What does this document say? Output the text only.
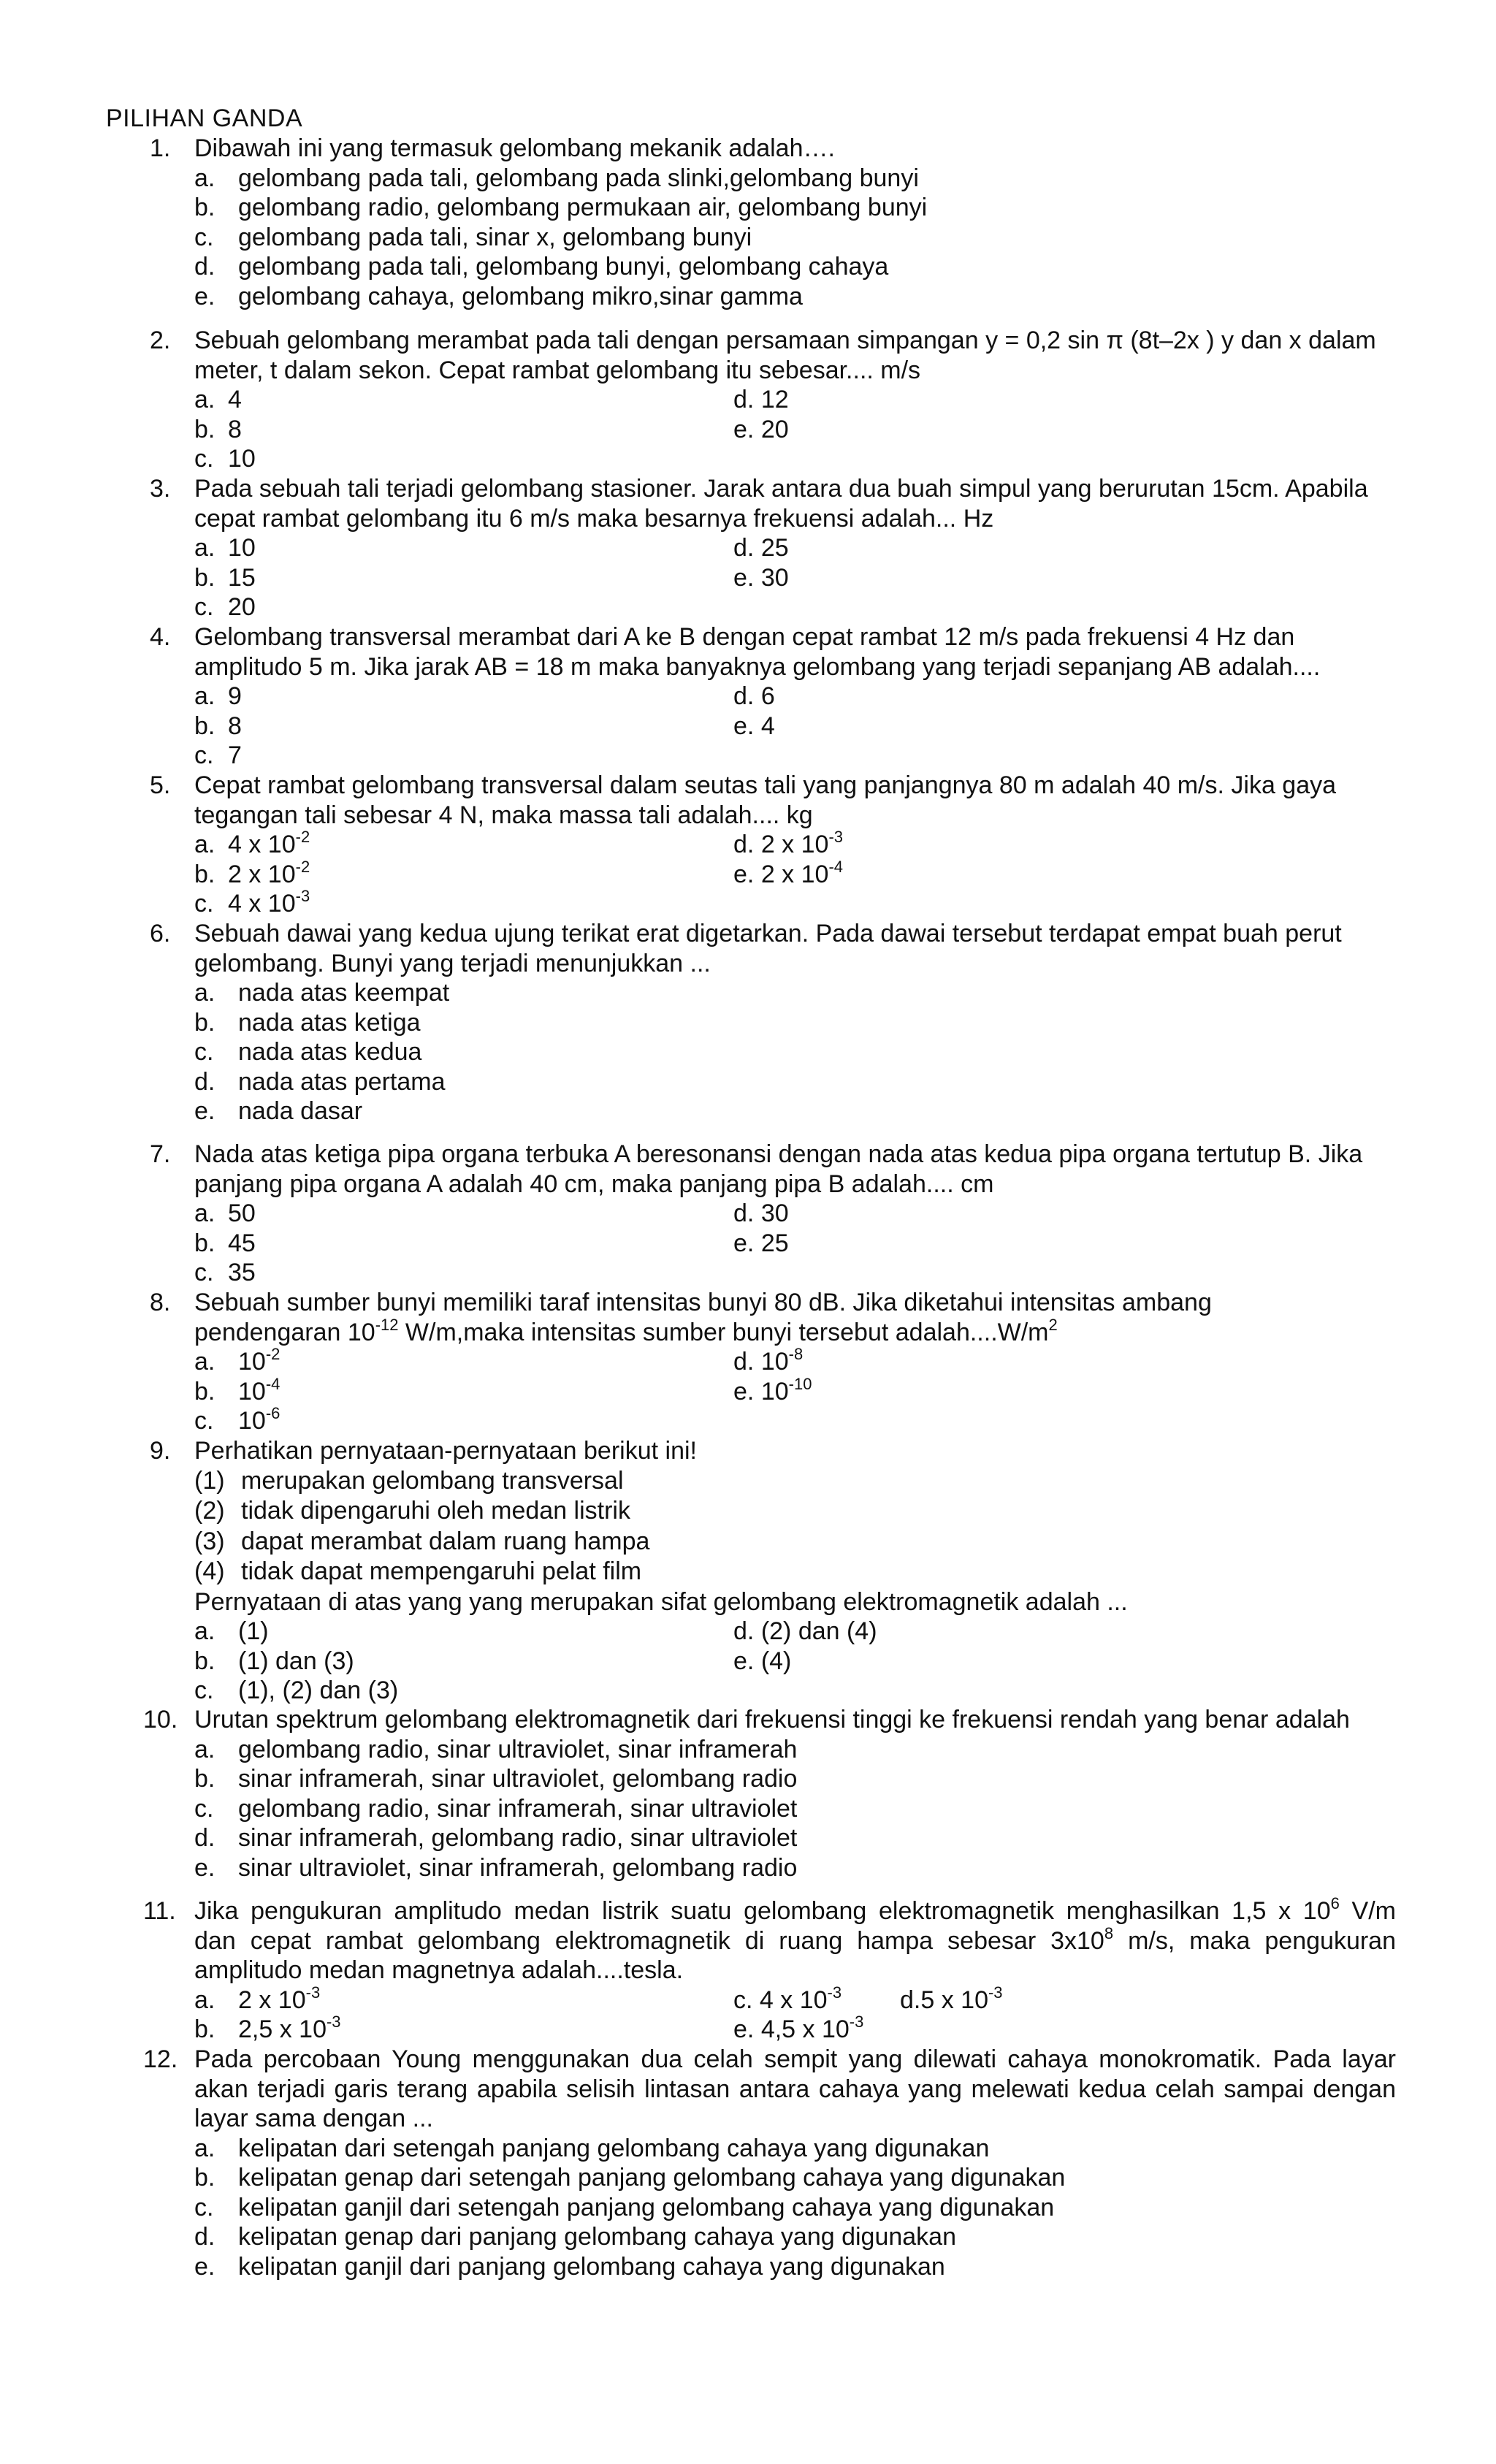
PILIHAN GANDA
1. Dibawah ini yang termasuk gelombang mekanik adalah….
a. gelombang pada tali, gelombang pada slinki,gelombang bunyi
b. gelombang radio, gelombang permukaan air, gelombang bunyi
c. gelombang pada tali, sinar x, gelombang bunyi
d. gelombang pada tali, gelombang bunyi, gelombang cahaya
e. gelombang cahaya, gelombang mikro,sinar gamma
2. Sebuah gelombang merambat pada tali dengan persamaan simpangan y = 0,2 sin π (8t–2x ) y dan x dalam meter, t dalam sekon. Cepat rambat gelombang itu sebesar.... m/s
a. 4	d. 12
b. 8	e. 20
c. 10
3. Pada sebuah tali terjadi gelombang stasioner. Jarak antara dua buah simpul yang berurutan 15cm. Apabila cepat rambat gelombang itu 6 m/s maka besarnya frekuensi adalah... Hz
a. 10	d. 25
b. 15	e. 30
c. 20
4. Gelombang transversal merambat dari A ke B dengan cepat rambat 12 m/s pada frekuensi 4 Hz dan amplitudo 5 m. Jika jarak AB = 18 m maka banyaknya gelombang yang terjadi sepanjang AB adalah....
a. 9	d. 6
b. 8	e. 4
c. 7
5. Cepat rambat gelombang transversal dalam seutas tali yang panjangnya 80 m adalah 40 m/s. Jika gaya tegangan tali sebesar 4 N, maka massa tali adalah.... kg
a. 4 x $10^{-2}$	d. 2 x $10^{-3}$
b. 2 x $10^{-2}$	e. 2 x $10^{-4}$
c. 4 x $10^{-3}$
6. Sebuah dawai yang kedua ujung terikat erat digetarkan. Pada dawai tersebut terdapat empat buah perut gelombang. Bunyi yang terjadi menunjukkan ...
a. nada atas keempat
b. nada atas ketiga
c. nada atas kedua
d. nada atas pertama
e. nada dasar
7. Nada atas ketiga pipa organa terbuka A beresonansi dengan nada atas kedua pipa organa tertutup B. Jika panjang pipa organa A adalah 40 cm, maka panjang pipa B adalah.... cm
a. 50	d. 30
b. 45	e. 25
c. 35
8. Sebuah sumber bunyi memiliki taraf intensitas bunyi 80 dB. Jika diketahui intensitas ambang
pendengaran $10^{-12}$ W/m,maka intensitas sumber bunyi tersebut $adalah....W/m^2$
a. $10^{-2}$	d. $10^{-8}$
b. $10^{-4}$	e. $10^{-10}$
c. $10^{-6}$
9. Perhatikan pernyataan-pernyataan berikut ini!
(1) merupakan gelombang transversal
(2) tidak dipengaruhi oleh medan listrik
(3) dapat merambat dalam ruang hampa
(4) tidak dapat mempengaruhi pelat film
Pernyataan di atas yang yang merupakan sifat gelombang elektromagnetik adalah ...
a. (1)	d. (2) dan (4)
b. (1) dan (3)	e. (4)
c. (1), (2) dan (3)
10. Urutan spektrum gelombang elektromagnetik dari frekuensi tinggi ke frekuensi rendah yang benar adalah
a. gelombang radio, sinar ultraviolet, sinar inframerah
b. sinar inframerah, sinar ultraviolet, gelombang radio
c. gelombang radio, sinar inframerah, sinar ultraviolet
d. sinar inframerah, gelombang radio, sinar ultraviolet
e. sinar ultraviolet, sinar inframerah, gelombang radio
11. Jika pengukuran amplitudo medan listrik suatu gelombang elektromagnetik menghasilkan 1,5 x $10^6$ V/m
dan cepat rambat gelombang elektromagnetik di ruang hampa sebesar $3x10^8$ m/s, maka pengukuran
amplitudo medan magnetnya adalah....tesla.
a. 2 x $10^{-3}$	c. 4 x $10^{-3}$ d.5 x $10^{-3}$
b. 2,5 x $10^{-3}$	e. 4,5 x $10^{-3}$
12. Pada percobaan Young menggunakan dua celah sempit yang dilewati cahaya monokromatik. Pada layar akan terjadi garis terang apabila selisih lintasan antara cahaya yang melewati kedua celah sampai dengan layar sama dengan ...
a. kelipatan dari setengah panjang gelombang cahaya yang digunakan
b. kelipatan genap dari setengah panjang gelombang cahaya yang digunakan
c. kelipatan ganjil dari setengah panjang gelombang cahaya yang digunakan
d. kelipatan genap dari panjang gelombang cahaya yang digunakan
e. kelipatan ganjil dari panjang gelombang cahaya yang digunakan
